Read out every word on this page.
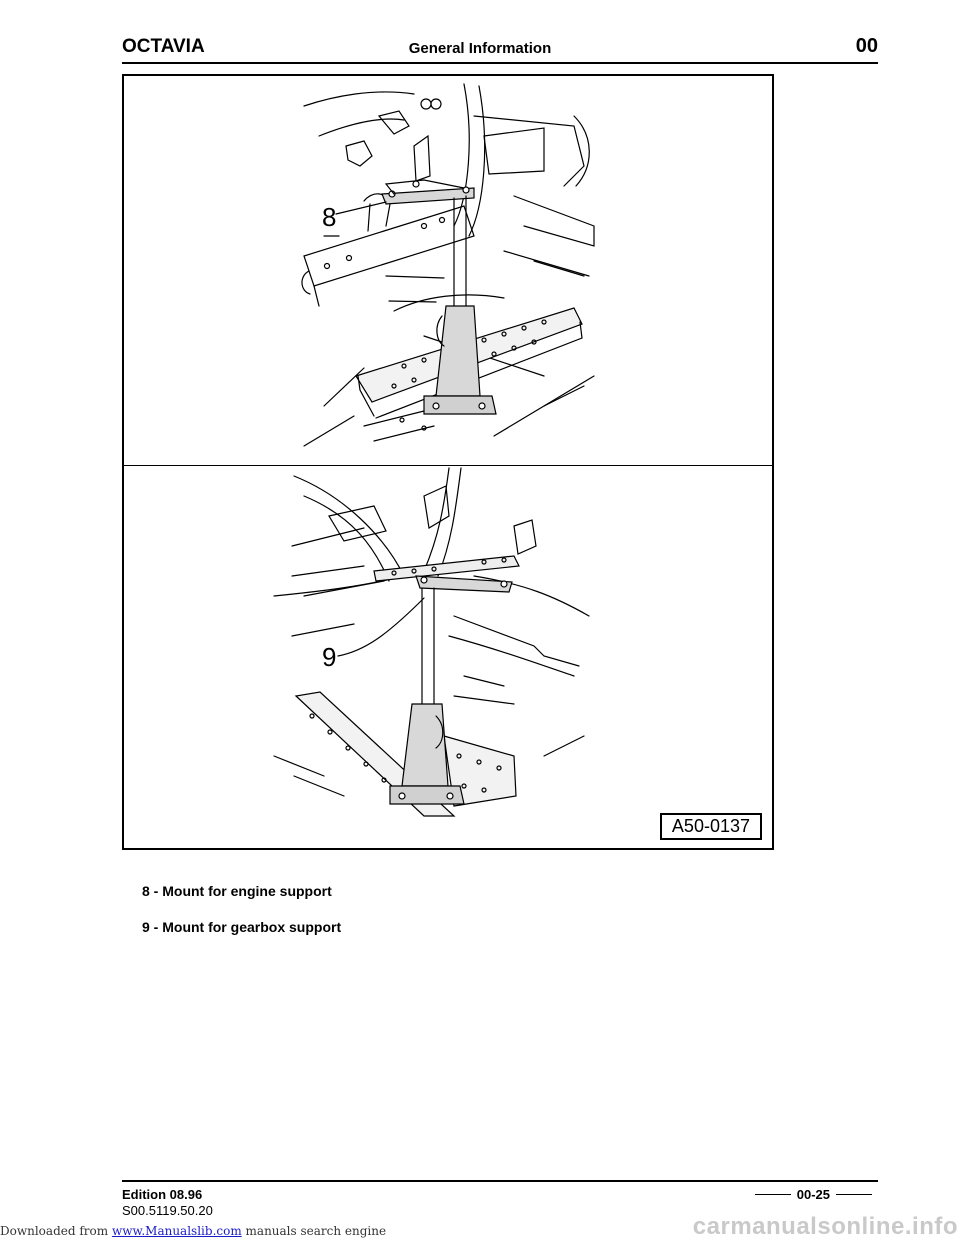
OCTAVIA	General Information	00
8
9
A50-0137
8 - Mount for engine support
9 - Mount for gearbox support
Edition 08.96
S00.5119.50.20
00-25
Downloaded from www.Manualslib.com manuals search engine	carmanualsonline.info
